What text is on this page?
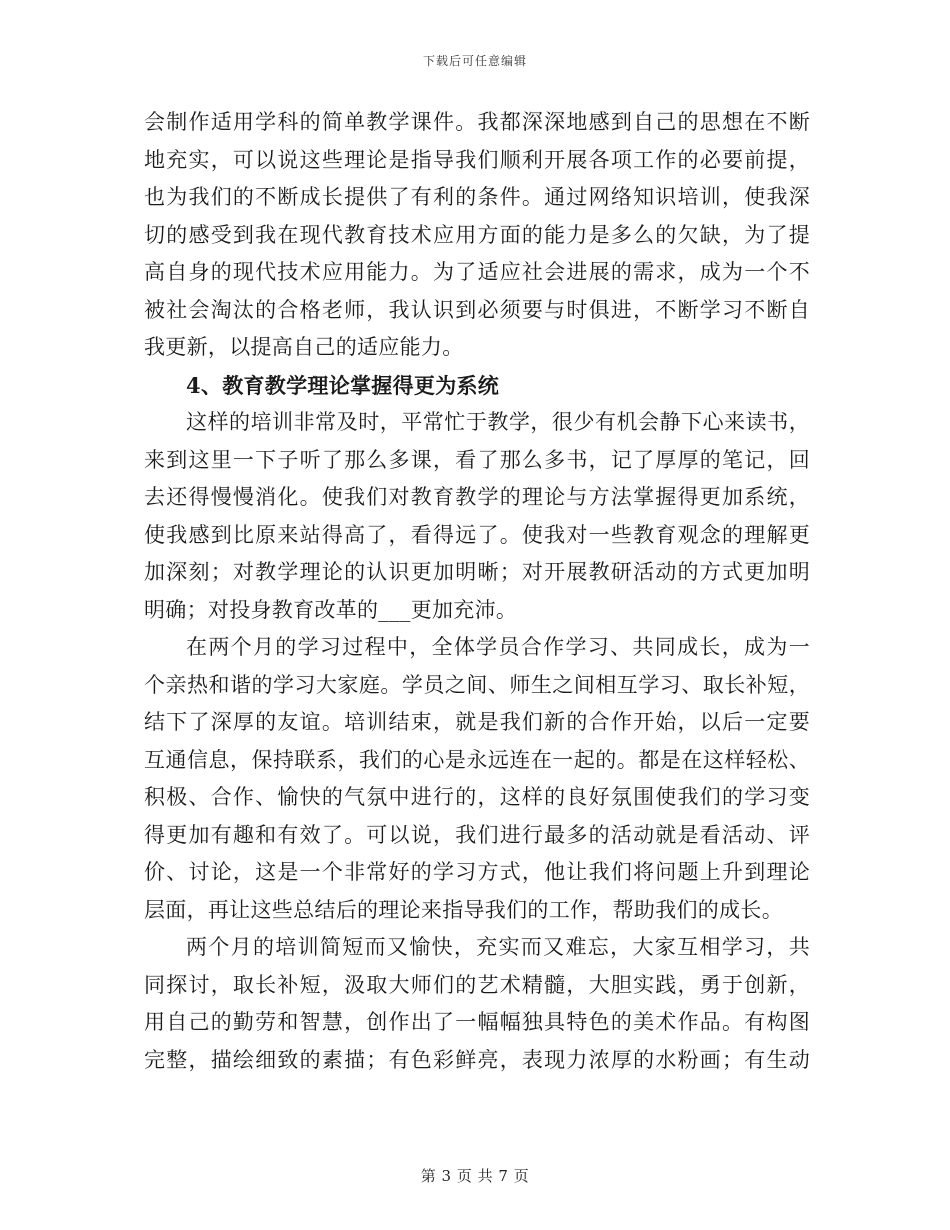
下载后可任意编辑
会制作适用学科的简单教学课件。我都深深地感到自己的思想在不断
地充实，可以说这些理论是指导我们顺利开展各项工作的必要前提，
也为我们的不断成长提供了有利的条件。通过网络知识培训，使我深
切的感受到我在现代教育技术应用方面的能力是多么的欠缺，为了提
高自身的现代技术应用能力。为了适应社会进展的需求，成为一个不
被社会淘汰的合格老师，我认识到必须要与时俱进，不断学习不断自
我更新，以提高自己的适应能力。
4、教育教学理论掌握得更为系统
这样的培训非常及时，平常忙于教学，很少有机会静下心来读书，
来到这里一下子听了那么多课，看了那么多书，记了厚厚的笔记，回
去还得慢慢消化。使我们对教育教学的理论与方法掌握得更加系统，
使我感到比原来站得高了，看得远了。使我对一些教育观念的理解更
加深刻；对教学理论的认识更加明晰；对开展教研活动的方式更加明
明确；对投身教育改革的___更加充沛。
在两个月的学习过程中，全体学员合作学习、共同成长，成为一
个亲热和谐的学习大家庭。学员之间、师生之间相互学习、取长补短，
结下了深厚的友谊。培训结束，就是我们新的合作开始，以后一定要
互通信息，保持联系，我们的心是永远连在一起的。都是在这样轻松、
积极、合作、愉快的气氛中进行的，这样的良好氛围使我们的学习变
得更加有趣和有效了。可以说，我们进行最多的活动就是看活动、评
价、讨论，这是一个非常好的学习方式，他让我们将问题上升到理论
层面，再让这些总结后的理论来指导我们的工作，帮助我们的成长。
两个月的培训简短而又愉快，充实而又难忘，大家互相学习，共
同探讨，取长补短，汲取大师们的艺术精髓，大胆实践，勇于创新，
用自己的勤劳和智慧，创作出了一幅幅独具特色的美术作品。有构图
完整，描绘细致的素描；有色彩鲜亮，表现力浓厚的水粉画；有生动
第 3 页 共 7 页
